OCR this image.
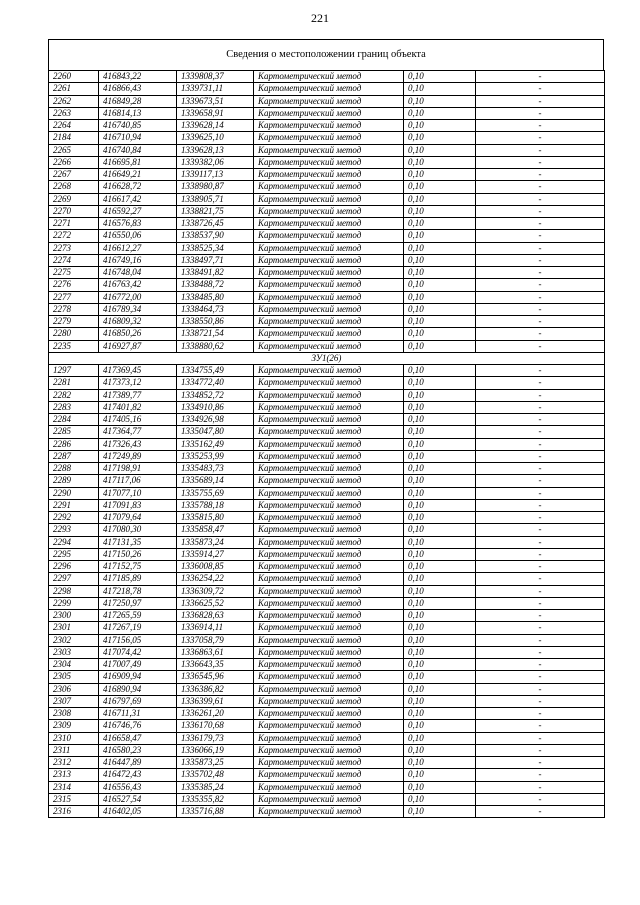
221
Сведения о местоположении границ объекта
2260	416843,22	1339808,37	Картометрический метод	0,10	-
2261	416866,43	1339731,11	Картометрический метод	0,10	-
2262	416849,28	1339673,51	Картометрический метод	0,10	-
2263	416814,13	1339658,91	Картометрический метод	0,10	-
2264	416740,85	1339628,14	Картометрический метод	0,10	-
2184	416710,94	1339625,10	Картометрический метод	0,10	-
2265	416740,84	1339628,13	Картометрический метод	0,10	-
2266	416695,81	1339382,06	Картометрический метод	0,10	-
2267	416649,21	1339117,13	Картометрический метод	0,10	-
2268	416628,72	1338980,87	Картометрический метод	0,10	-
2269	416617,42	1338905,71	Картометрический метод	0,10	-
2270	416592,27	1338821,75	Картометрический метод	0,10	-
2271	416576,83	1338726,45	Картометрический метод	0,10	-
2272	416550,06	1338537,90	Картометрический метод	0,10	-
2273	416612,27	1338525,34	Картометрический метод	0,10	-
2274	416749,16	1338497,71	Картометрический метод	0,10	-
2275	416748,04	1338491,82	Картометрический метод	0,10	-
2276	416763,42	1338488,72	Картометрический метод	0,10	-
2277	416772,00	1338485,80	Картометрический метод	0,10	-
2278	416789,34	1338464,73	Картометрический метод	0,10	-
2279	416809,32	1338550,86	Картометрический метод	0,10	-
2280	416850,26	1338721,54	Картометрический метод	0,10	-
2235	416927,87	1338880,62	Картометрический метод	0,10	-
ЗУ1(26)					
1297	417369,45	1334755,49	Картометрический метод	0,10	-
2281	417373,12	1334772,40	Картометрический метод	0,10	-
2282	417389,77	1334852,72	Картометрический метод	0,10	-
2283	417401,82	1334910,86	Картометрический метод	0,10	-
2284	417405,16	1334926,98	Картометрический метод	0,10	-
2285	417364,77	1335047,80	Картометрический метод	0,10	-
2286	417326,43	1335162,49	Картометрический метод	0,10	-
2287	417249,89	1335253,99	Картометрический метод	0,10	-
2288	417198,91	1335483,73	Картометрический метод	0,10	-
2289	417117,06	1335689,14	Картометрический метод	0,10	-
2290	417077,10	1335755,69	Картометрический метод	0,10	-
2291	417091,83	1335788,18	Картометрический метод	0,10	-
2292	417079,64	1335815,80	Картометрический метод	0,10	-
2293	417080,30	1335858,47	Картометрический метод	0,10	-
2294	417131,35	1335873,24	Картометрический метод	0,10	-
2295	417150,26	1335914,27	Картометрический метод	0,10	-
2296	417152,75	1336008,85	Картометрический метод	0,10	-
2297	417185,89	1336254,22	Картометрический метод	0,10	-
2298	417218,78	1336309,72	Картометрический метод	0,10	-
2299	417250,97	1336625,52	Картометрический метод	0,10	-
2300	417265,59	1336828,63	Картометрический метод	0,10	-
2301	417267,19	1336914,11	Картометрический метод	0,10	-
2302	417156,05	1337058,79	Картометрический метод	0,10	-
2303	417074,42	1336863,61	Картометрический метод	0,10	-
2304	417007,49	1336643,35	Картометрический метод	0,10	-
2305	416909,94	1336545,96	Картометрический метод	0,10	-
2306	416890,94	1336386,82	Картометрический метод	0,10	-
2307	416797,69	1336399,61	Картометрический метод	0,10	-
2308	416711,31	1336261,20	Картометрический метод	0,10	-
2309	416746,76	1336170,68	Картометрический метод	0,10	-
2310	416658,47	1336179,73	Картометрический метод	0,10	-
2311	416580,23	1336066,19	Картометрический метод	0,10	-
2312	416447,89	1335873,25	Картометрический метод	0,10	-
2313	416472,43	1335702,48	Картометрический метод	0,10	-
2314	416556,43	1335385,24	Картометрический метод	0,10	-
2315	416527,54	1335355,82	Картометрический метод	0,10	-
2316	416402,05	1335716,88	Картометрический метод	0,10	-
